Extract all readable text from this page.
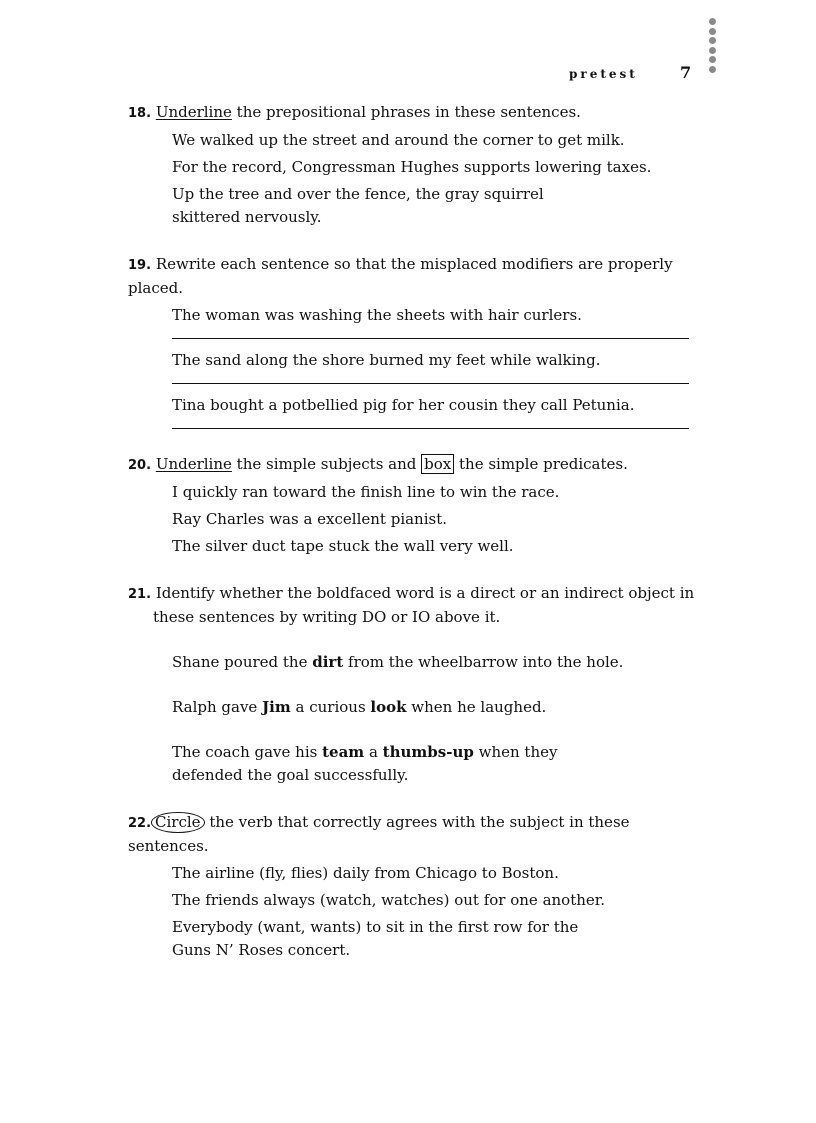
pretest	7
18. Underline the prepositional phrases in these sentences.
We walked up the street and around the corner to get milk.
For the record, Congressman Hughes supports lowering taxes.
Up the tree and over the fence, the gray squirrel skittered nervously.
19. Rewrite each sentence so that the misplaced modifiers are properly placed.
The woman was washing the sheets with hair curlers.
The sand along the shore burned my feet while walking.
Tina bought a potbellied pig for her cousin they call Petunia.
20. Underline the simple subjects and box the simple predicates.
I quickly ran toward the finish line to win the race.
Ray Charles was a excellent pianist.
The silver duct tape stuck the wall very well.
21. Identify whether the boldfaced word is a direct or an indirect object in
these sentences by writing DO or IO above it.
Shane poured the dirt from the wheelbarrow into the hole.
Ralph gave Jim a curious look when he laughed.
The coach gave his team a thumbs-up when they defended the goal successfully.
22. Circle the verb that correctly agrees with the subject in these sentences.
The airline (fly, flies) daily from Chicago to Boston.
The friends always (watch, watches) out for one another.
Everybody (want, wants) to sit in the first row for the Guns N’ Roses concert.
